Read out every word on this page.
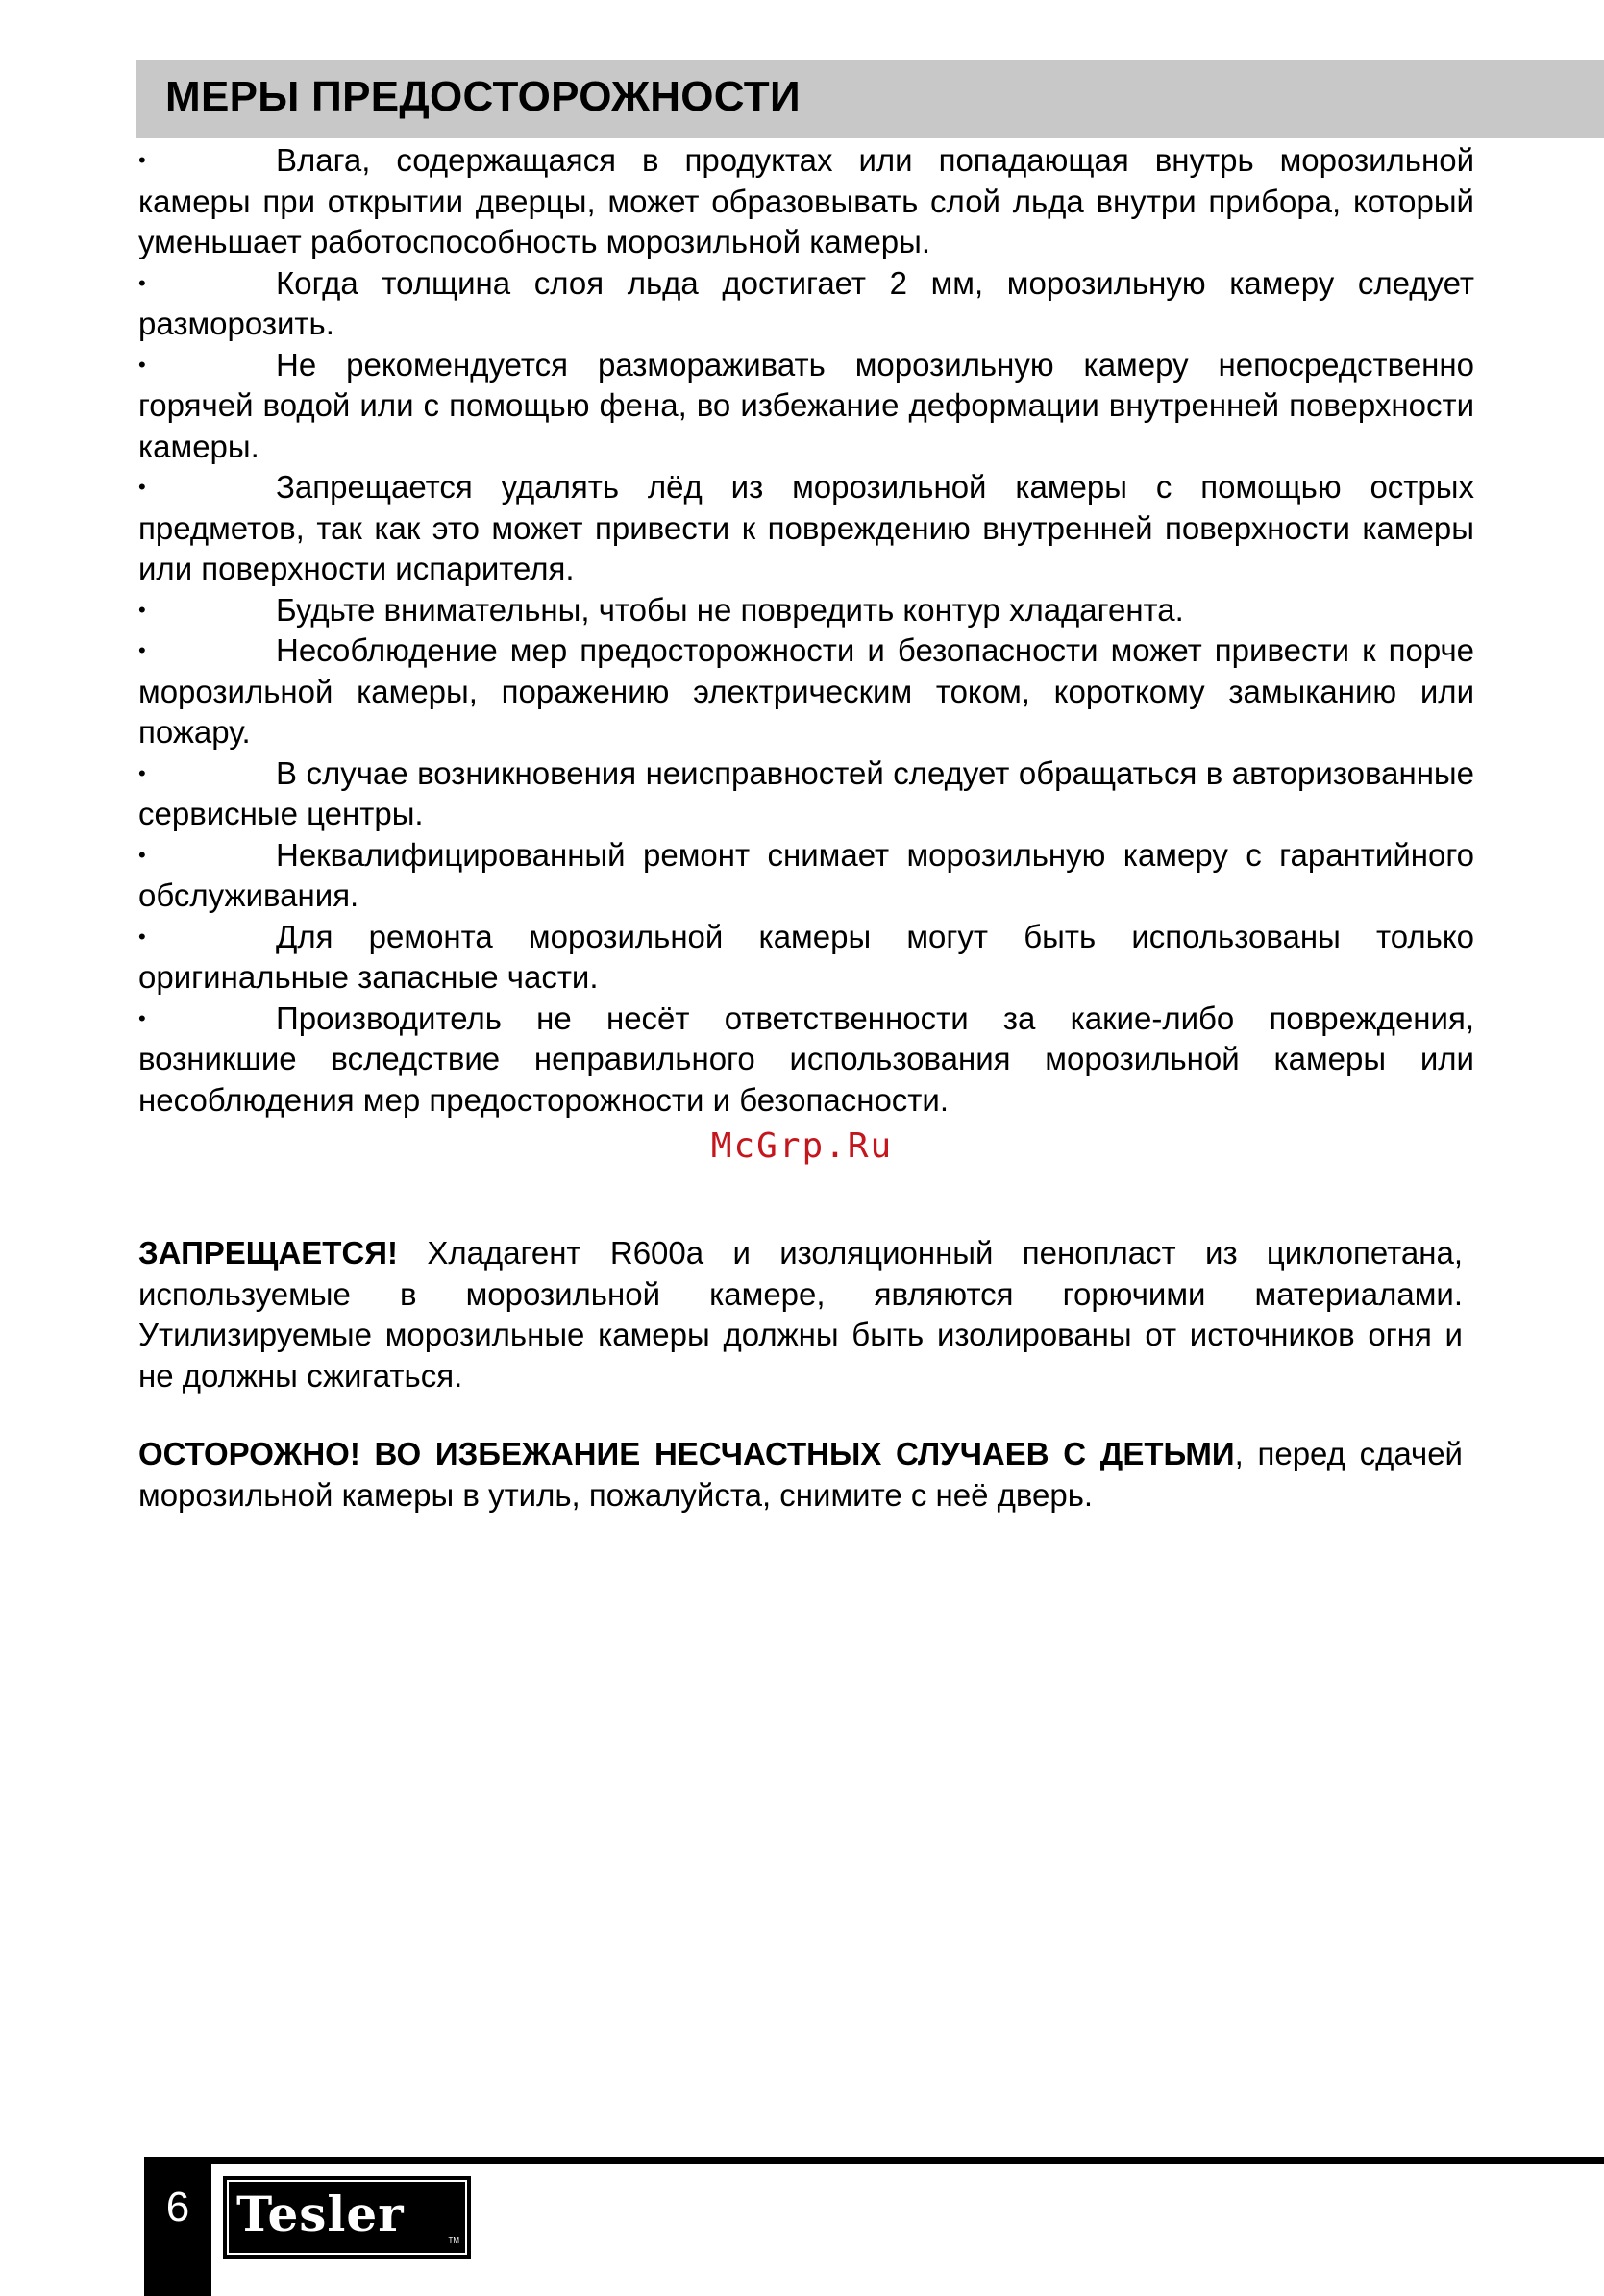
МЕРЫ ПРЕДОСТОРОЖНОСТИ
•	Влага, содержащаяся в продуктах или попадающая внутрь морозильной камеры при открытии дверцы, может образовывать слой льда внутри прибора, который уменьшает работоспособность морозильной камеры.
•	Когда толщина слоя льда достигает 2 мм, морозильную камеру следует разморозить.
•	Не рекомендуется размораживать морозильную камеру непосредственно горячей водой или с помощью фена, во избежание деформации внутренней поверхности камеры.
•	Запрещается удалять лёд из морозильной камеры с помощью острых предметов, так как это может привести к повреждению внутренней поверхности камеры или поверхности испарителя.
•	Будьте внимательны, чтобы не повредить контур хладагента.
•	Несоблюдение мер предосторожности и безопасности может привести к порче морозильной камеры, поражению электрическим током, короткому замыканию или пожару.
•	В случае возникновения неисправностей следует обращаться в авторизованные сервисные центры.
•	Неквалифицированный ремонт снимает морозильную камеру с гарантийного обслуживания.
•	Для ремонта морозильной камеры могут быть использованы только оригинальные запасные части.
•	Производитель не несёт ответственности за какие-либо повреждения, возникшие вследствие неправильного использования морозильной камеры или несоблюдения мер предосторожности и безопасности.
McGrp.Ru
ЗАПРЕЩАЕТСЯ! Хладагент R600a и изоляционный пенопласт из циклопетана, используемые в морозильной камере, являются горючими материалами. Утилизируемые морозильные камеры должны быть изолированы от источников огня и не должны сжигаться.
ОСТОРОЖНО! ВО ИЗБЕЖАНИЕ НЕСЧАСТНЫХ СЛУЧАЕВ С ДЕТЬМИ, перед сдачей морозильной камеры в утиль, пожалуйста, снимите с неё дверь.
6 Tesler	TM
